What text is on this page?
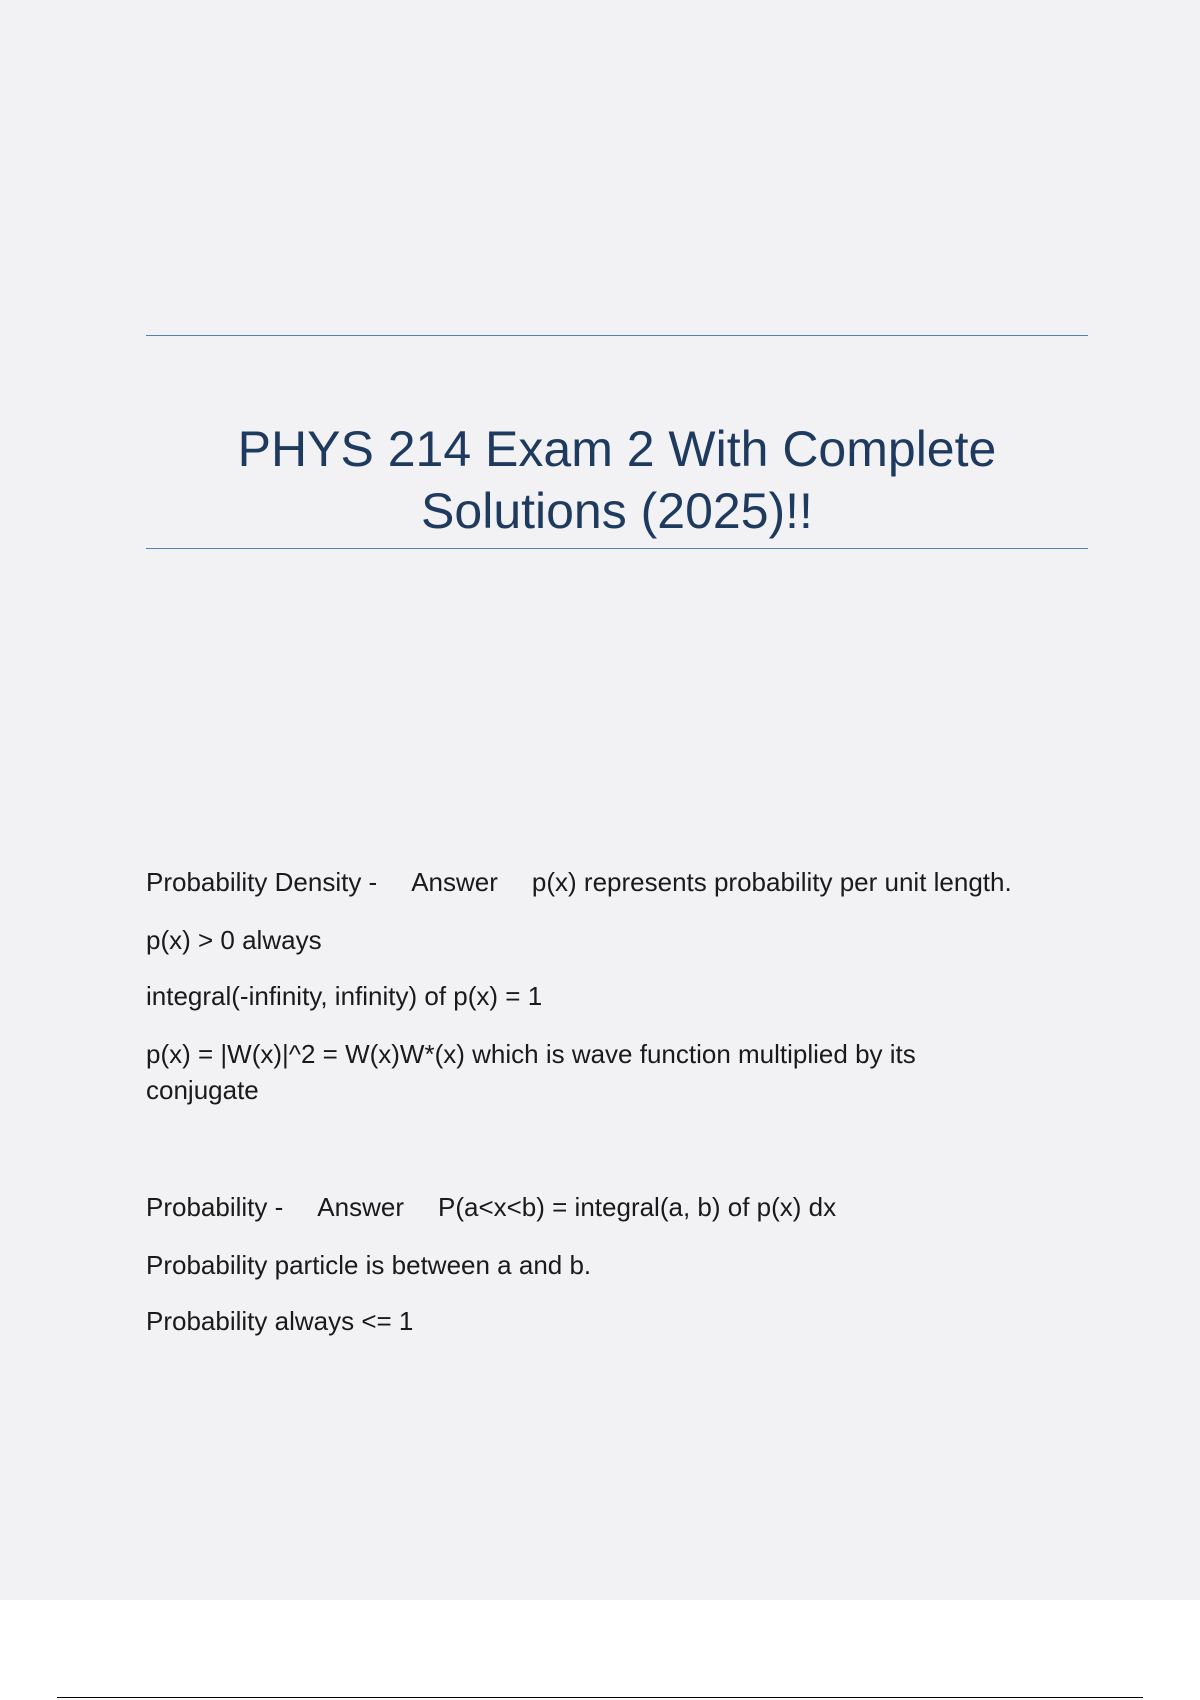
PHYS 214 Exam 2 With Complete Solutions (2025)!!

Probability Density - Answer p(x) represents probability per unit length.

p(x) > 0 always

integral(-infinity, infinity) of p(x) = 1

p(x) = |W(x)|^2 = W(x)W*(x) which is wave function multiplied by its conjugate

Probability - Answer P(a<x<b) = integral(a, b) of p(x) dx

Probability particle is between a and b.

Probability always <= 1
